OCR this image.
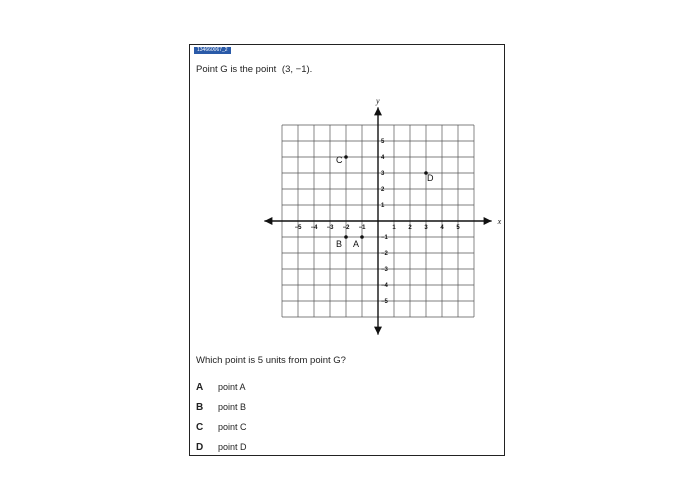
134660067_2
Point G is the point (3, −1).
x
y
−5 −4 −3 −2 −1	1 2 3 4 5
5
4
3
2
1
−1
−2
−3
−4
−5
C
D
B A
Which point is 5 units from point G?
A	point A
B	point B
C	point C
D	point D
